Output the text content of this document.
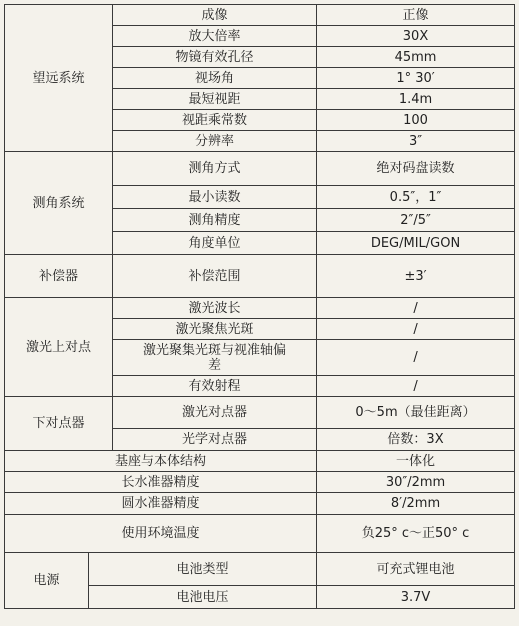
望远系统		成像	正像
		放大倍率	30X
		物镜有效孔径	45mm
		视场角	1° 30′
		最短视距	1.4m
		视距乘常数	100
		分辨率	3″
测角系统		测角方式	绝对码盘读数
		最小读数	0.5″，1″
		测角精度	2″/5″
		角度单位	DEG/MIL/GON
补偿器		补偿范围	±3′
激光上对点		激光波长	/
		激光聚焦光斑	/
		激光聚集光斑与视准轴偏差	/
		有效射程	/
下对点器		激光对点器	0～5m（最佳距离）
		光学对点器	倍数：3X
基座与本体结构			一体化
长水准器精度			30″/2mm
圆水准器精度			8′/2mm
使用环境温度			负25° c～正50° c
电源	电池类型		可充式锂电池
	电池电压		3.7V
